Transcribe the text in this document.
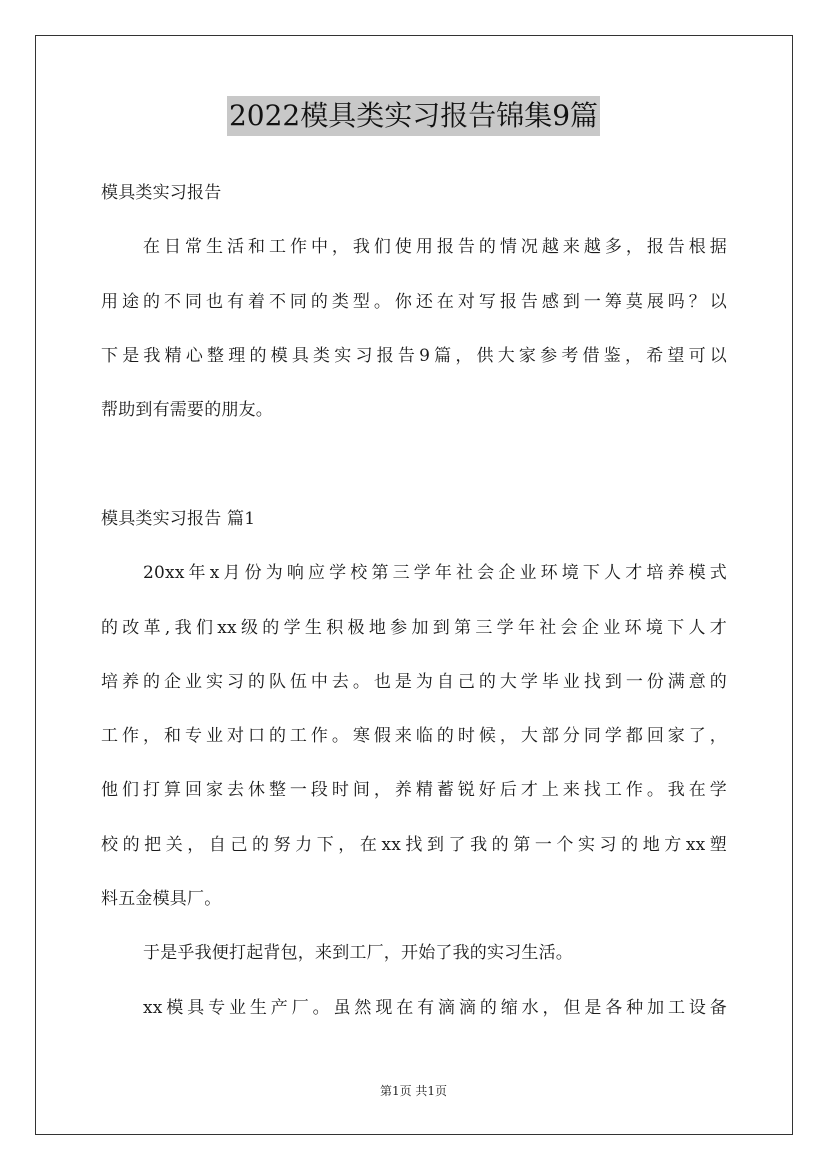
2022模具类实习报告锦集9篇
模具类实习报告
在日常生活和工作中，我们使用报告的情况越来越多，报告根据
用途的不同也有着不同的类型。你还在对写报告感到一筹莫展吗？以
下是我精心整理的模具类实习报告9篇，供大家参考借鉴，希望可以
帮助到有需要的朋友。
模具类实习报告 篇1
20xx年x月份为响应学校第三学年社会企业环境下人才培养模式
的改革,我们xx级的学生积极地参加到第三学年社会企业环境下人才
培养的企业实习的队伍中去。也是为自己的大学毕业找到一份满意的
工作，和专业对口的工作。寒假来临的时候，大部分同学都回家了，
他们打算回家去休整一段时间，养精蓄锐好后才上来找工作。我在学
校的把关，自己的努力下，在xx找到了我的第一个实习的地方xx塑
料五金模具厂。
于是乎我便打起背包，来到工厂，开始了我的实习生活。
xx模具专业生产厂。虽然现在有滴滴的缩水，但是各种加工设备
第1页 共1页
